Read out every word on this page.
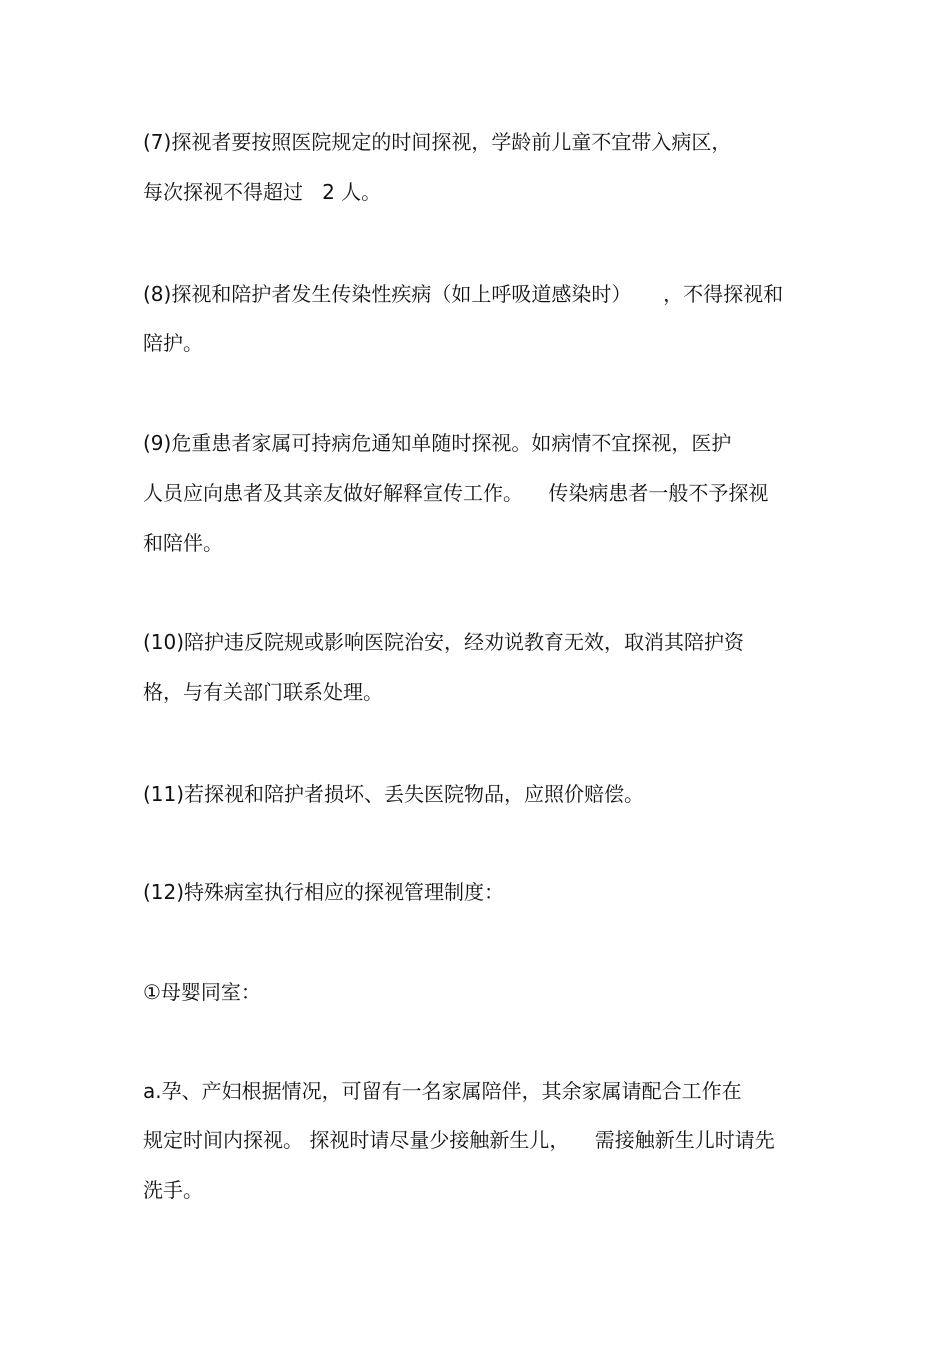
(7)探视者要按照医院规定的时间探视，学龄前儿童不宜带入病区，
每次探视不得超过   2 人。
(8)探视和陪护者发生传染性疾病（如上呼吸道感染时）     ，不得探视和
陪护。
(9)危重患者家属可持病危通知单随时探视。如病情不宜探视，医护
人员应向患者及其亲友做好解释宣传工作。    传染病患者一般不予探视
和陪伴。
(10)陪护违反院规或影响医院治安，经劝说教育无效，取消其陪护资
格，与有关部门联系处理。
(11)若探视和陪护者损坏、丢失医院物品，应照价赔偿。
(12)特殊病室执行相应的探视管理制度：
①母婴同室：
a.孕、产妇根据情况，可留有一名家属陪伴，其余家属请配合工作在
规定时间内探视。 探视时请尽量少接触新生儿，    需接触新生儿时请先
洗手。
